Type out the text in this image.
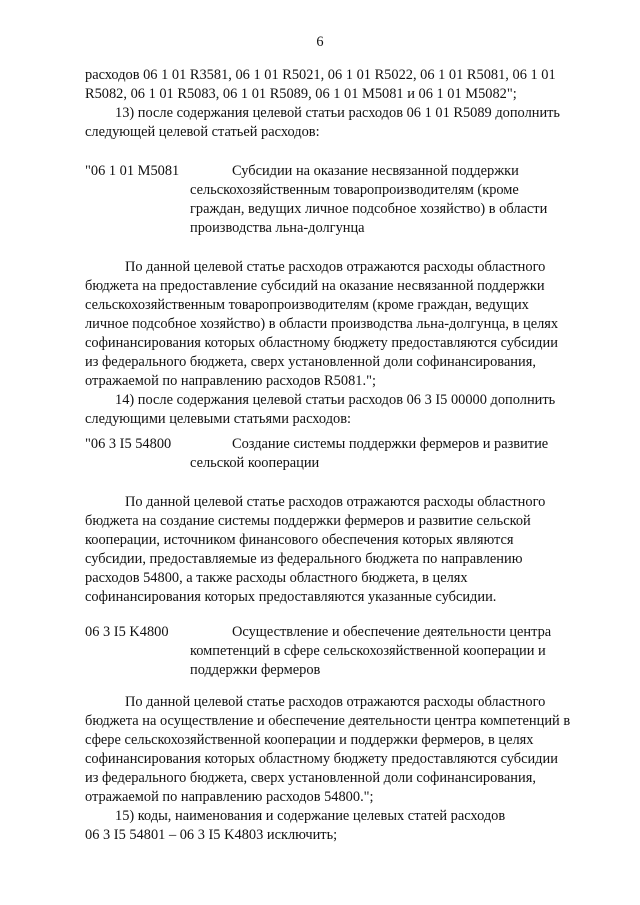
6
расходов 06 1 01 R3581, 06 1 01 R5021, 06 1 01 R5022, 06 1 01 R5081, 06 1 01
R5082, 06 1 01 R5083, 06 1 01 R5089, 06 1 01 M5081 и 06 1 01 M5082";
13) после содержания целевой статьи расходов 06 1 01 R5089 дополнить
следующей целевой статьей расходов:
"06 1 01 M5081	Субсидии на оказание несвязанной поддержки
сельскохозяйственным товаропроизводителям (кроме
граждан, ведущих личное подсобное хозяйство) в области
производства льна-долгунца
По данной целевой статье расходов отражаются расходы областного
бюджета на предоставление субсидий на оказание несвязанной поддержки
сельскохозяйственным товаропроизводителям (кроме граждан, ведущих
личное подсобное хозяйство) в области производства льна-долгунца, в целях
софинансирования которых областному бюджету предоставляются субсидии
из федерального бюджета, сверх установленной доли софинансирования,
отражаемой по направлению расходов R5081.";
14) после содержания целевой статьи расходов 06 3 I5 00000 дополнить
следующими целевыми статьями расходов:
"06 3 I5 54800	Создание системы поддержки фермеров и развитие
сельской кооперации
По данной целевой статье расходов отражаются расходы областного
бюджета на создание системы поддержки фермеров и развитие сельской
кооперации, источником финансового обеспечения которых являются
субсидии, предоставляемые из федерального бюджета по направлению
расходов 54800, а также расходы областного бюджета, в целях
софинансирования которых предоставляются указанные субсидии.
06 3 I5 K4800	Осуществление и обеспечение деятельности центра
компетенций в сфере сельскохозяйственной кооперации и
поддержки фермеров
По данной целевой статье расходов отражаются расходы областного
бюджета на осуществление и обеспечение деятельности центра компетенций в
сфере сельскохозяйственной кооперации и поддержки фермеров, в целях
софинансирования которых областному бюджету предоставляются субсидии
из федерального бюджета, сверх установленной доли софинансирования,
отражаемой по направлению расходов 54800.";
15) коды, наименования и содержание целевых статей расходов
06 3 I5 54801 – 06 3 I5 K4803 исключить;
